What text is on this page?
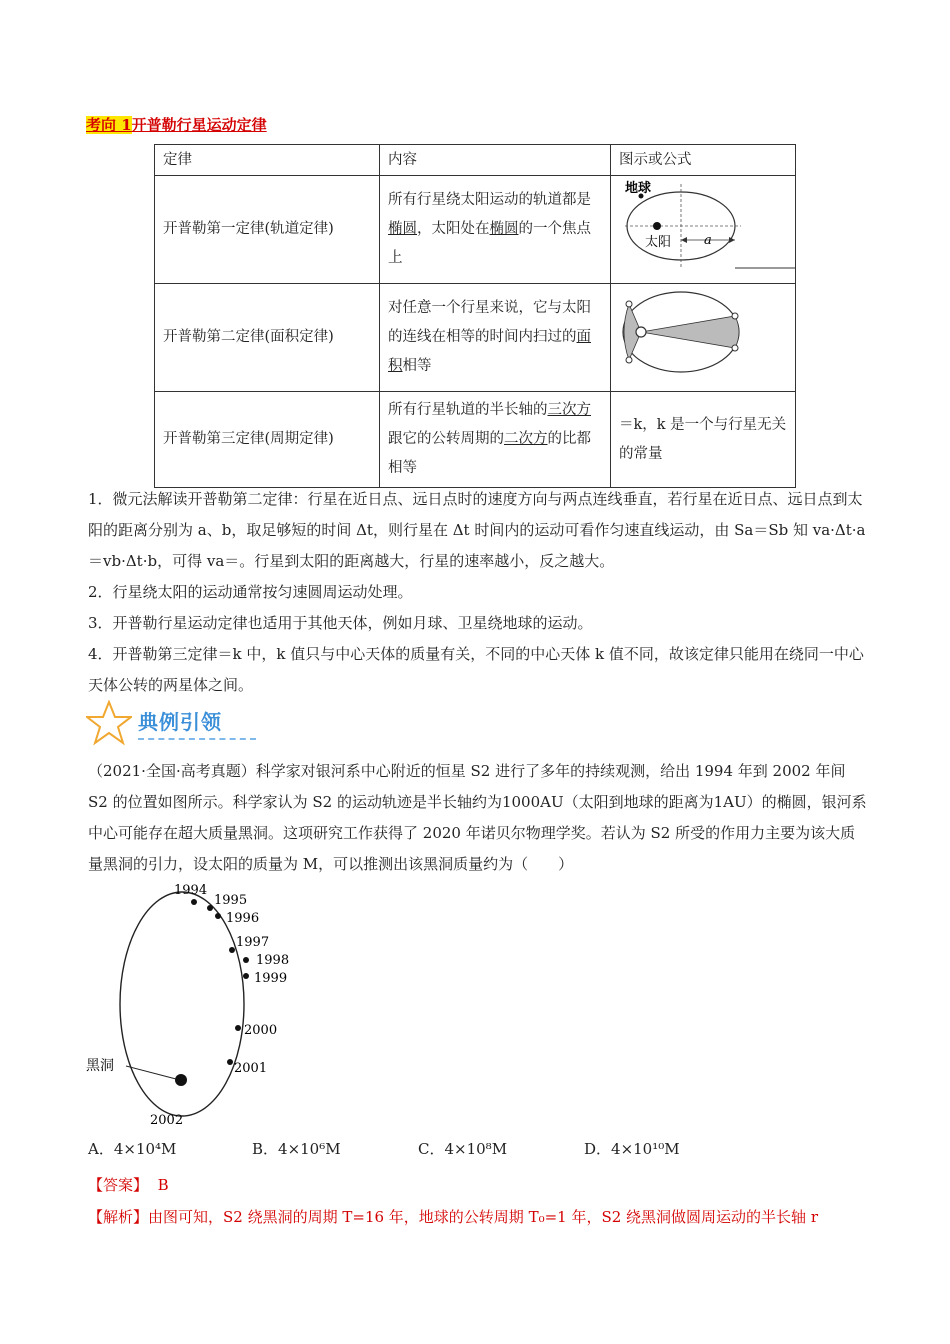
考向 1开普勒行星运动定律
定律	内容	图示或公式
开普勒第一定律(轨道定律)	所有行星绕太阳运动的轨道都是椭圆，太阳处在椭圆的一个焦点上	地球
太阳 a

开普勒第二定律(面积定律)	对任意一个行星来说，它与太阳的连线在相等的时间内扫过的面积相等	
开普勒第三定律(周期定律)	所有行星轨道的半长轴的三次方跟它的公转周期的二次方的比都相等	＝k，k 是一个与行星无关的常量

1．微元法解读开普勒第二定律：行星在近日点、远日点时的速度方向与两点连线垂直，若行星在近日点、远日点到太阳的距离分别为 a、b，取足够短的时间 Δt，则行星在 Δt 时间内的运动可看作匀速直线运动，由 Sa＝Sb 知 va·Δt·a＝vb·Δt·b，可得 va＝。行星到太阳的距离越大，行星的速率越小，反之越大。

2．行星绕太阳的运动通常按匀速圆周运动处理。

3．开普勒行星运动定律也适用于其他天体，例如月球、卫星绕地球的运动。

4．开普勒第三定律＝k 中，k 值只与中心天体的质量有关，不同的中心天体 k 值不同，故该定律只能用在绕同一中心天体公转的两星体之间。

典例引领

（2021·全国·高考真题）科学家对银河系中心附近的恒星 S2 进行了多年的持续观测，给出 1994 年到 2002 年间 S2 的位置如图所示。科学家认为 S2 的运动轨迹是半长轴约为1000AU（太阳到地球的距离为1AU）的椭圆，银河系中心可能存在超大质量黑洞。这项研究工作获得了 2020 年诺贝尔物理学奖。若认为 S2 所受的作用力主要为该大质量黑洞的引力，设太阳的质量为 M，可以推测出该黑洞质量约为（　　）

黑洞
1994
1995
1996
1997
1998
1999
2000
2001
2002
A．4×10⁴M	B．4×10⁶M	C．4×10⁸M	D．4×10¹⁰M
【答案】 B
【解析】由图可知，S2 绕黑洞的周期 T=16 年，地球的公转周期 T₀=1 年，S2 绕黑洞做圆周运动的半长轴 r
